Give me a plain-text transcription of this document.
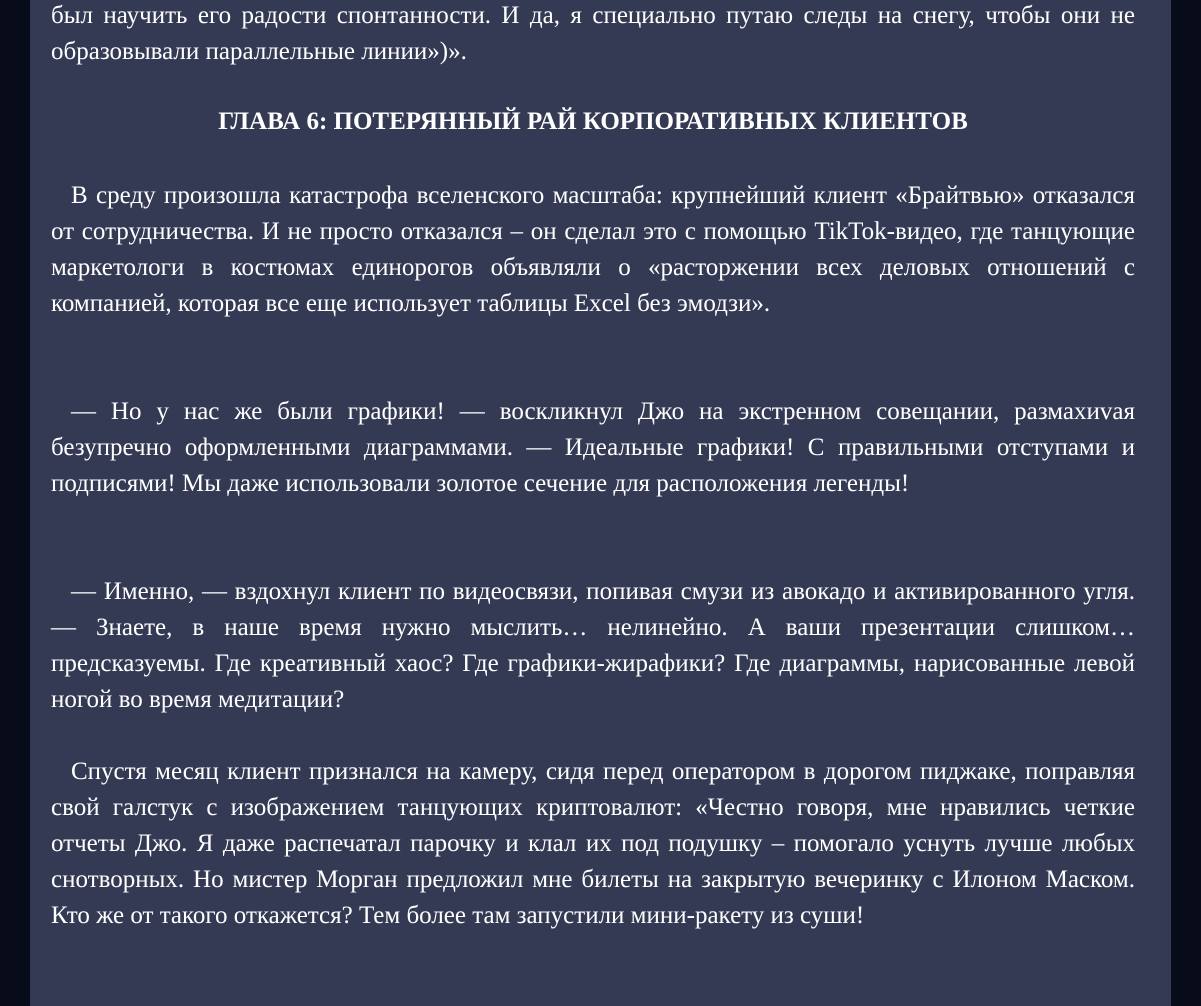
был научить его радости спонтанности. И да, я специально путаю следы на снегу, чтобы они не образовывали параллельные линии»)».

ГЛАВА 6: ПОТЕРЯННЫЙ РАЙ КОРПОРАТИВНЫХ КЛИЕНТОВ

В среду произошла катастрофа вселенского масштаба: крупнейший клиент «Брайтвью» отказался от сотрудничества. И не просто отказался – он сделал это с помощью TikTok-видео, где танцующие маркетологи в костюмах единорогов объявляли о «расторжении всех деловых отношений с компанией, которая все еще использует таблицы Excel без эмодзи».

— Но у нас же были графики! — воскликнул Джо на экстренном совещании, размахиvая безупречно оформленными диаграммами. — Идеальные графики! С правильными отступами и подписями! Мы даже использовали золотое сечение для расположения легенды!

— Именно, — вздохнул клиент по видеосвязи, попивая смузи из авокадо и активированного угля. — Знаете, в наше время нужно мыслить… нелинейно. А ваши презентации слишком… предсказуемы. Где креативный хаос? Где графики-жирафики? Где диаграммы, нарисованные левой ногой во время медитации?

Спустя месяц клиент признался на камеру, сидя перед оператором в дорогом пиджаке, поправляя свой галстук с изображением танцующих криптовалют: «Честно говоря, мне нравились четкие отчеты Джо. Я даже распечатал парочку и клал их под подушку – помогало уснуть лучше любых снотворных. Но мистер Морган предложил мне билеты на закрытую вечеринку с Илоном Маском. Кто же от такого откажется? Тем более там запустили мини-ракету из суши!
